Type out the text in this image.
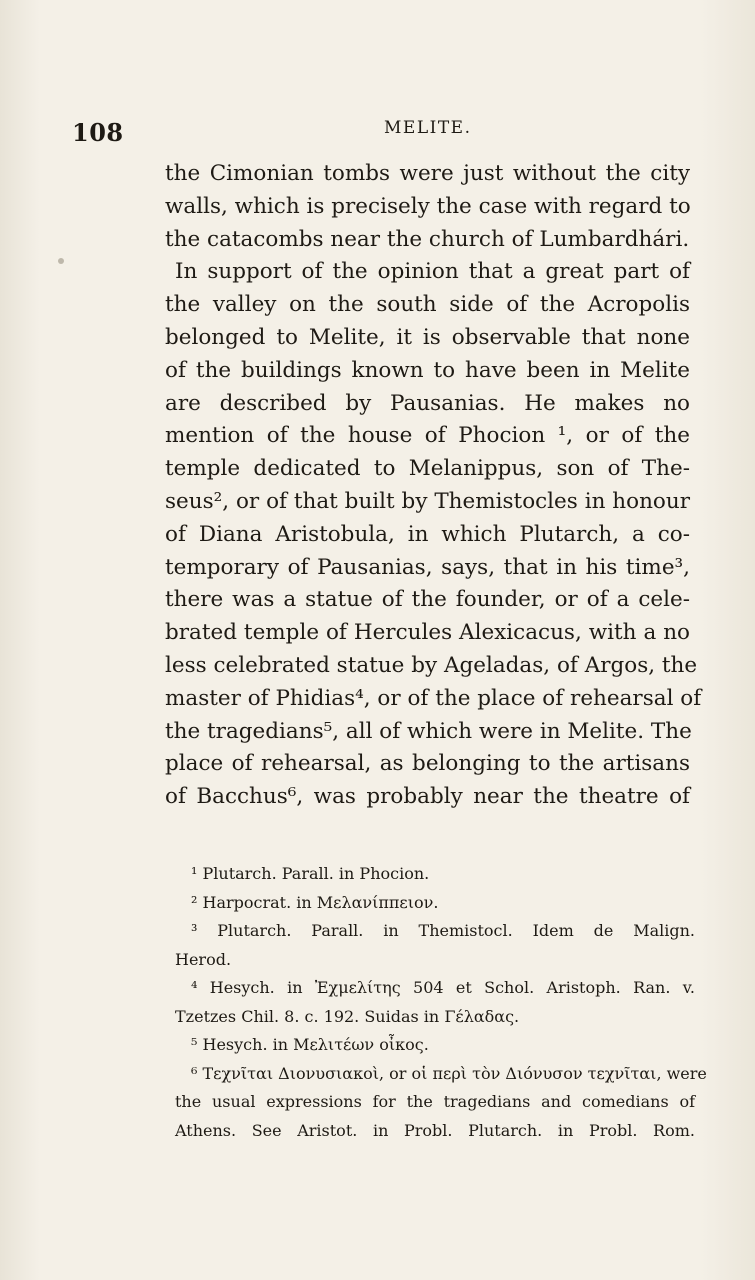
108	MELITE.
the Cimonian tombs were just without the city
walls, which is precisely the case with regard to
the catacombs near the church of Lumbardhári.
In support of the opinion that a great part of
the valley on the south side of the Acropolis
belonged to Melite, it is observable that none
of the buildings known to have been in Melite
are described by Pausanias. He makes no
mention of the house of Phocion ¹, or of the
temple dedicated to Melanippus, son of The-
seus², or of that built by Themistocles in honour
of Diana Aristobula, in which Plutarch, a co-
temporary of Pausanias, says, that in his time³,
there was a statue of the founder, or of a cele-
brated temple of Hercules Alexicacus, with a no
less celebrated statue by Ageladas, of Argos, the
master of Phidias⁴, or of the place of rehearsal of
the tragedians⁵, all of which were in Melite. The
place of rehearsal, as belonging to the artisans
of Bacchus⁶, was probably near the theatre of
¹ Plutarch. Parall. in Phocion.
² Harpocrat. in Μελανίππειον.
³ Plutarch. Parall. in Themistocl. Idem de Malign.
Herod.
⁴ Hesych. in Ἐχμελίτης 504 et Schol. Aristoph. Ran. v.
Tzetzes Chil. 8. c. 192. Suidas in Γέλαδας.
⁵ Hesych. in Μελιτέων οἶκος.
⁶ Τεχνῖται Διονυσιακοὶ, or οἱ περὶ τὸν Διόνυσον τεχνῖται, were
the usual expressions for the tragedians and comedians of
Athens. See Aristot. in Probl. Plutarch. in Probl. Rom.
